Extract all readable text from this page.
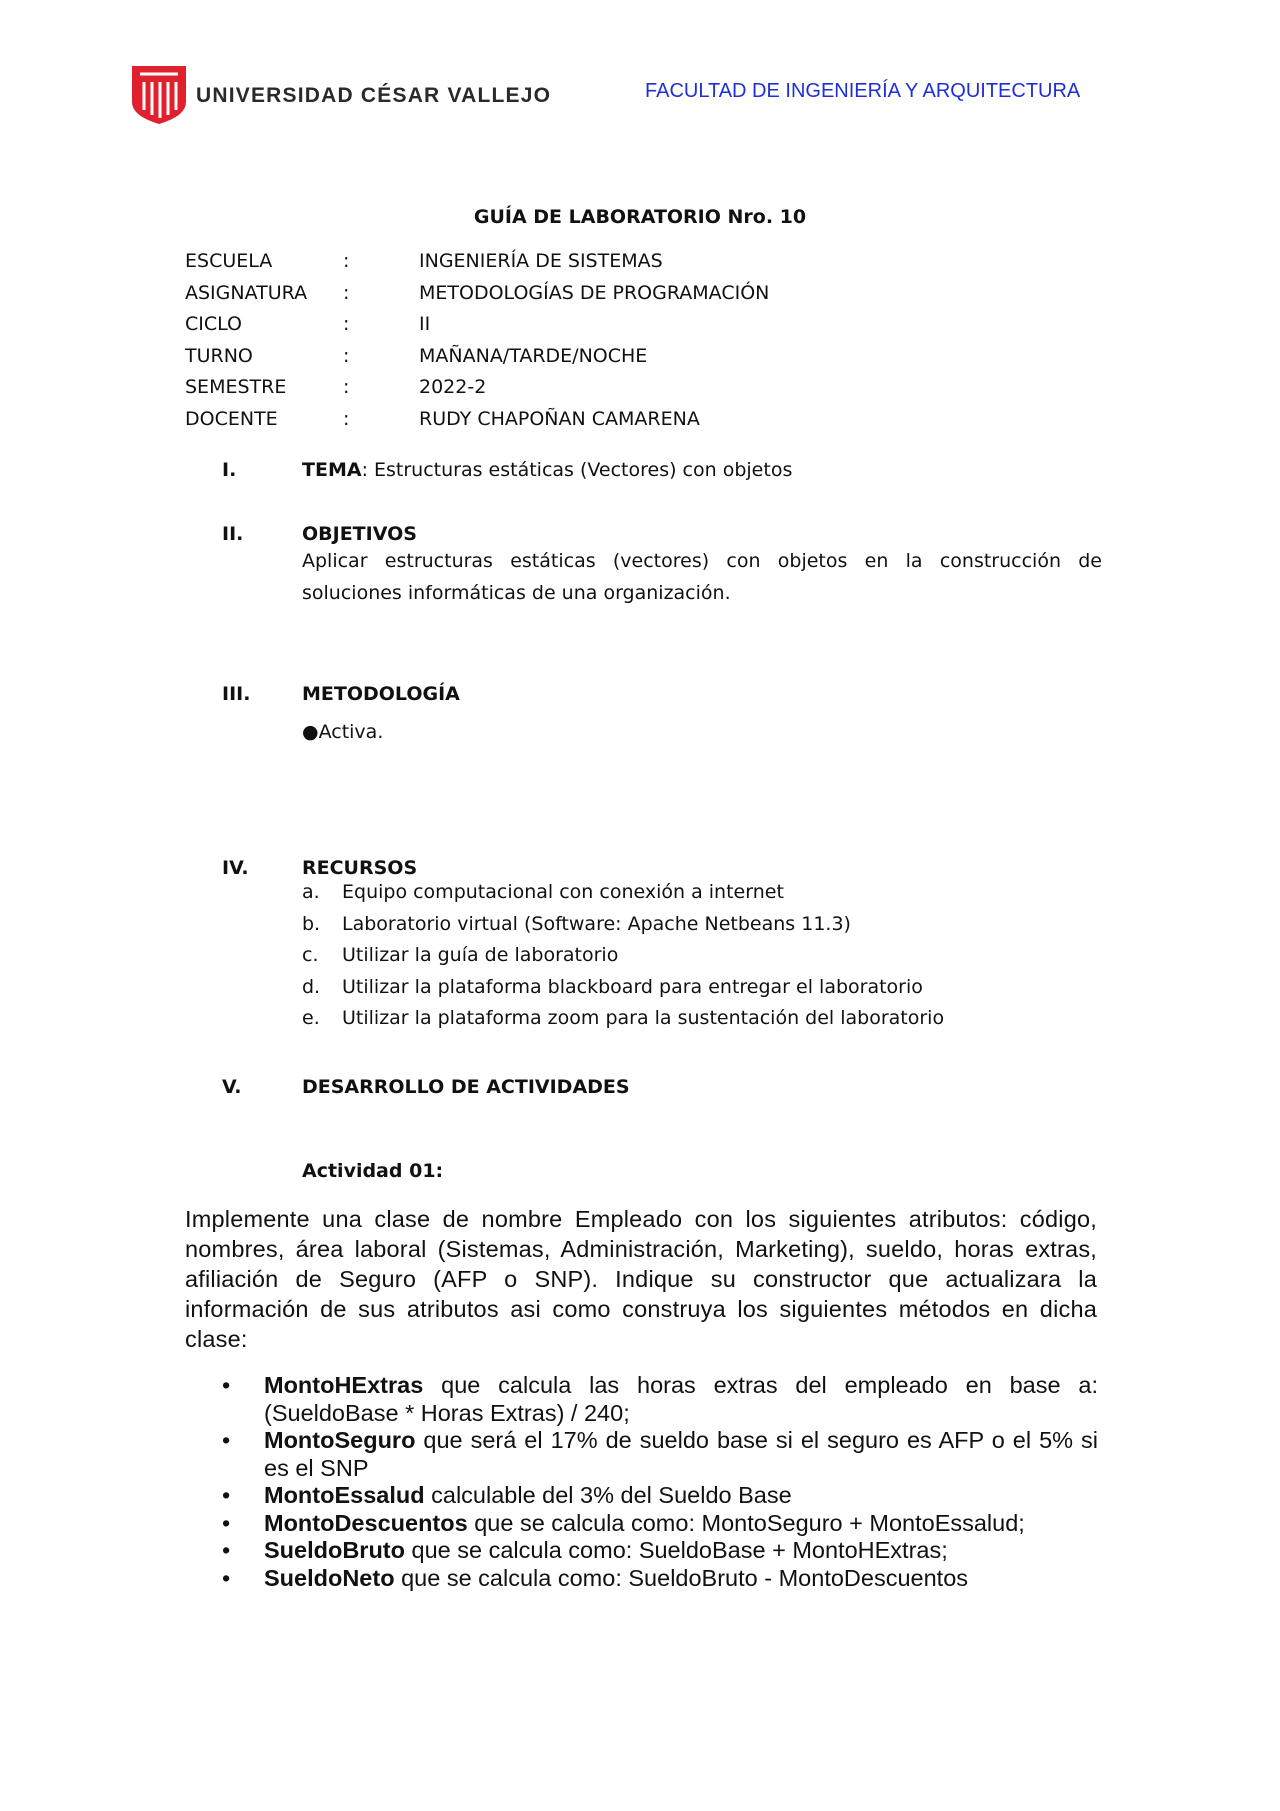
UNIVERSIDAD CÉSAR VALLEJO	FACULTAD DE INGENIERÍA Y ARQUITECTURA
GUÍA DE LABORATORIO Nro. 10
ESCUELA	:	INGENIERÍA DE SISTEMAS
ASIGNATURA	:	METODOLOGÍAS DE PROGRAMACIÓN
CICLO	:	II
TURNO	:	MAÑANA/TARDE/NOCHE
SEMESTRE	:	2022-2
DOCENTE	:	RUDY CHAPOÑAN CAMARENA
I.	TEMA: Estructuras estáticas (Vectores) con objetos
II.	OBJETIVOS
Aplicar estructuras estáticas (vectores) con objetos en la construcción de soluciones informáticas de una organización.
III.	METODOLOGÍA
●Activa.
IV.	RECURSOS
a.	Equipo computacional con conexión a internet
b.	Laboratorio virtual (Software: Apache Netbeans 11.3)
c.	Utilizar la guía de laboratorio
d.	Utilizar la plataforma blackboard para entregar el laboratorio
e.	Utilizar la plataforma zoom para la sustentación del laboratorio
V.	DESARROLLO DE ACTIVIDADES
Actividad 01:
Implemente una clase de nombre Empleado con los siguientes atributos: código, nombres, área laboral (Sistemas, Administración, Marketing), sueldo, horas extras, afiliación de Seguro (AFP o SNP). Indique su constructor que actualizara la información de sus atributos asi como construya los siguientes métodos en dicha clase:
•	MontoHExtras que calcula las horas extras del empleado en base a: (SueldoBase * Horas Extras) / 240;
•	MontoSeguro que será el 17% de sueldo base si el seguro es AFP o el 5% si es el SNP
•	MontoEssalud calculable del 3% del Sueldo Base
•	MontoDescuentos que se calcula como: MontoSeguro + MontoEssalud;
•	SueldoBruto que se calcula como: SueldoBase + MontoHExtras;
•	SueldoNeto que se calcula como: SueldoBruto - MontoDescuentos
